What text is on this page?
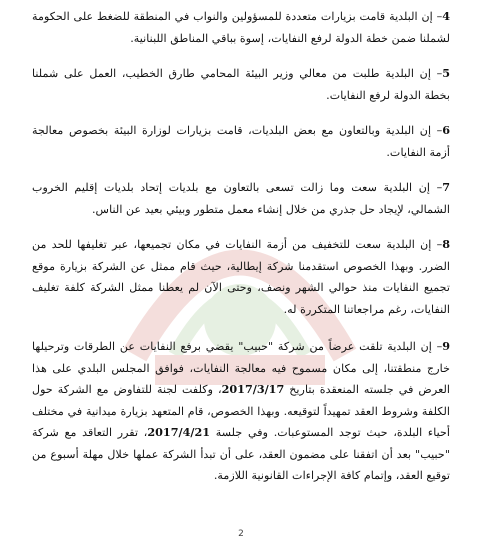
4– إن البلدية قامت بزيارات متعددة للمسؤولين والنواب في المنطقة للضغط على الحكومة لشملنا ضمن خطة الدولة لرفع النفايات، إسوة بباقي المناطق اللبنانية.

5– إن البلدية طلبت من معالي وزير البيئة المحامي طارق الخطيب، العمل على شملنا بخطة الدولة لرفع النفايات.

6– إن البلدية وبالتعاون مع بعض البلديات، قامت بزيارات لوزارة البيئة بخصوص معالجة أزمة النفايات.

7– إن البلدية سعت وما زالت تسعى بالتعاون مع بلديات إتحاد بلديات إقليم الخروب الشمالي، لإيجاد حل جذري من خلال إنشاء معمل متطور وبيئي بعيد عن الناس.

8– إن البلدية سعت للتخفيف من أزمة النفايات في مكان تجميعها، عبر تغليفها للحد من الضرر. وبهذا الخصوص استقدمنا شركة إيطالية، حيث قام ممثل عن الشركة بزيارة موقع تجميع النفايات منذ حوالي الشهر ونصف، وحتى الآن لم يعطنا ممثل الشركة كلفة تغليف النفايات، رغم مراجعاتنا المتكررة له.

9– إن البلدية تلقت عرضاً من شركة "حبيب" يقضي برفع النفايات عن الطرقات وترحيلها خارج منطقتنا، إلى مكان مسموح فيه معالجة النفايات، فوافق المجلس البلدي على هذا العرض في جلسته المنعقدة بتاريخ 2017/3/17، وكلفت لجنة للتفاوض مع الشركة حول الكلفة وشروط العقد تمهيداً لتوقيعه. وبهذا الخصوص، قام المتعهد بزيارة ميدانية في مختلف أحياء البلدة، حيث توجد المستوعبات. وفي جلسة 2017/4/21، تقرر التعاقد مع شركة "حبيب" بعد أن اتفقنا على مضمون العقد، على أن تبدأ الشركة عملها خلال مهلة أسبوع من توقيع العقد، وإتمام كافة الإجراءات القانونية اللازمة.

2
